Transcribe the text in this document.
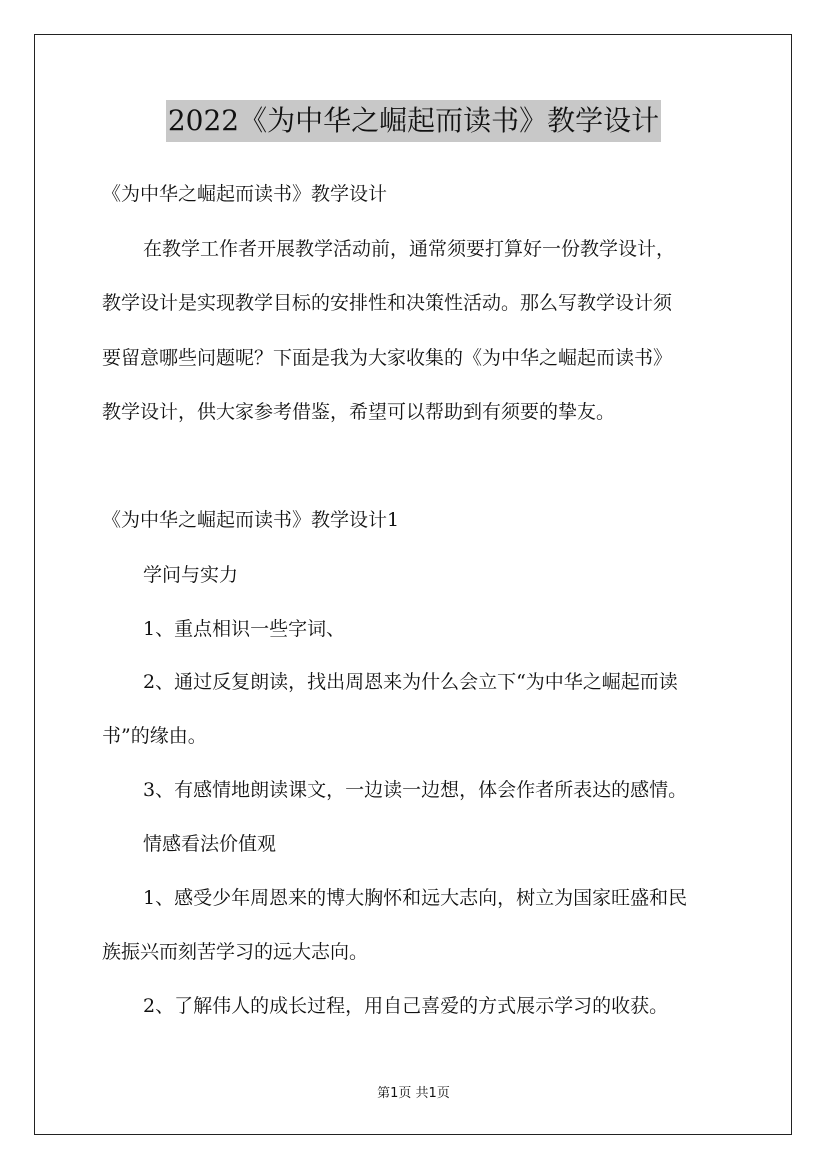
2022《为中华之崛起而读书》教学设计
《为中华之崛起而读书》教学设计
在教学工作者开展教学活动前，通常须要打算好一份教学设计，
教学设计是实现教学目标的安排性和决策性活动。那么写教学设计须
要留意哪些问题呢？下面是我为大家收集的《为中华之崛起而读书》
教学设计，供大家参考借鉴，希望可以帮助到有须要的挚友。
《为中华之崛起而读书》教学设计1
学问与实力
1、重点相识一些字词、
2、通过反复朗读，找出周恩来为什么会立下“为中华之崛起而读
书”的缘由。
3、有感情地朗读课文，一边读一边想，体会作者所表达的感情。
情感看法价值观
1、感受少年周恩来的博大胸怀和远大志向，树立为国家旺盛和民
族振兴而刻苦学习的远大志向。
2、了解伟人的成长过程，用自己喜爱的方式展示学习的收获。
第1页 共1页
